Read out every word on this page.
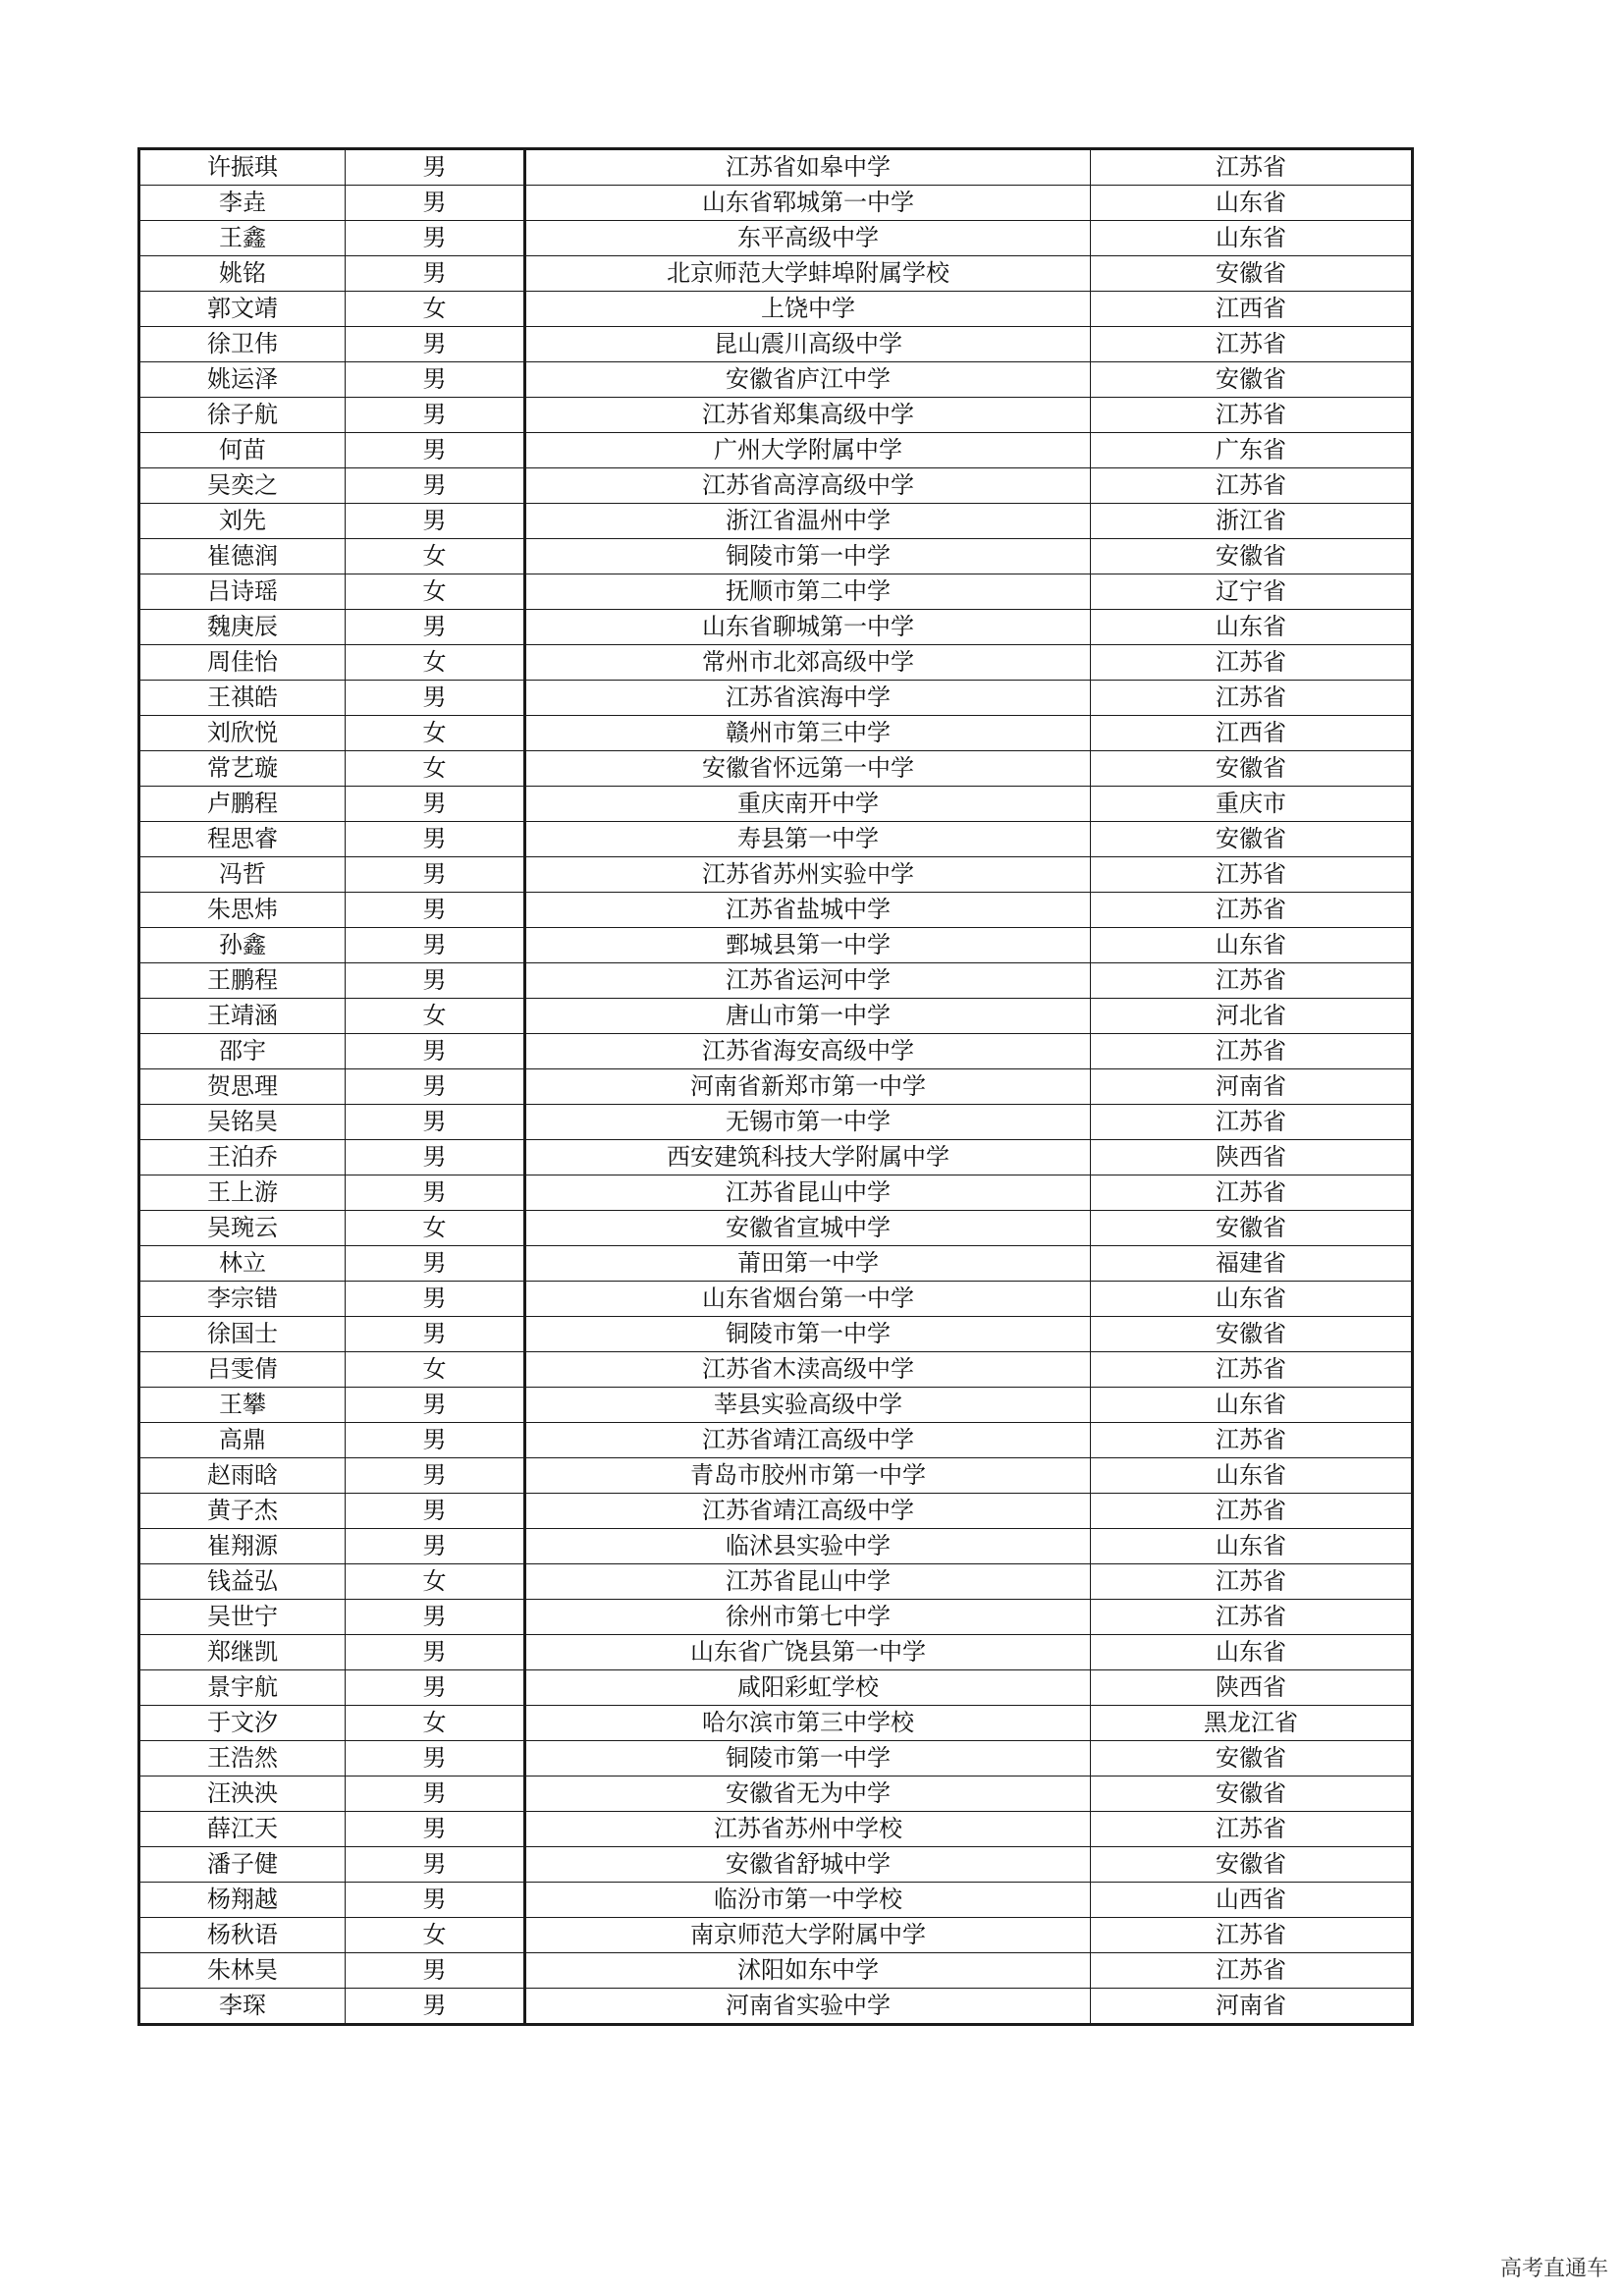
许振琪	男	江苏省如皋中学	江苏省
李垚	男	山东省郓城第一中学	山东省
王鑫	男	东平高级中学	山东省
姚铭	男	北京师范大学蚌埠附属学校	安徽省
郭文靖	女	上饶中学	江西省
徐卫伟	男	昆山震川高级中学	江苏省
姚运泽	男	安徽省庐江中学	安徽省
徐子航	男	江苏省郑集高级中学	江苏省
何苗	男	广州大学附属中学	广东省
吴奕之	男	江苏省高淳高级中学	江苏省
刘先	男	浙江省温州中学	浙江省
崔德润	女	铜陵市第一中学	安徽省
吕诗瑶	女	抚顺市第二中学	辽宁省
魏庚辰	男	山东省聊城第一中学	山东省
周佳怡	女	常州市北郊高级中学	江苏省
王祺皓	男	江苏省滨海中学	江苏省
刘欣悦	女	赣州市第三中学	江西省
常艺璇	女	安徽省怀远第一中学	安徽省
卢鹏程	男	重庆南开中学	重庆市
程思睿	男	寿县第一中学	安徽省
冯哲	男	江苏省苏州实验中学	江苏省
朱思炜	男	江苏省盐城中学	江苏省
孙鑫	男	鄄城县第一中学	山东省
王鹏程	男	江苏省运河中学	江苏省
王靖涵	女	唐山市第一中学	河北省
邵宇	男	江苏省海安高级中学	江苏省
贺思理	男	河南省新郑市第一中学	河南省
吴铭昊	男	无锡市第一中学	江苏省
王泊乔	男	西安建筑科技大学附属中学	陕西省
王上游	男	江苏省昆山中学	江苏省
吴琬云	女	安徽省宣城中学	安徽省
林立	男	莆田第一中学	福建省
李宗错	男	山东省烟台第一中学	山东省
徐国士	男	铜陵市第一中学	安徽省
吕雯倩	女	江苏省木渎高级中学	江苏省
王攀	男	莘县实验高级中学	山东省
高鼎	男	江苏省靖江高级中学	江苏省
赵雨晗	男	青岛市胶州市第一中学	山东省
黄子杰	男	江苏省靖江高级中学	江苏省
崔翔源	男	临沭县实验中学	山东省
钱益弘	女	江苏省昆山中学	江苏省
吴世宁	男	徐州市第七中学	江苏省
郑继凯	男	山东省广饶县第一中学	山东省
景宇航	男	咸阳彩虹学校	陕西省
于文汐	女	哈尔滨市第三中学校	黑龙江省
王浩然	男	铜陵市第一中学	安徽省
汪泱泱	男	安徽省无为中学	安徽省
薛江天	男	江苏省苏州中学校	江苏省
潘子健	男	安徽省舒城中学	安徽省
杨翔越	男	临汾市第一中学校	山西省
杨秋语	女	南京师范大学附属中学	江苏省
朱林昊	男	沭阳如东中学	江苏省
李琛	男	河南省实验中学	河南省
高考直通车
